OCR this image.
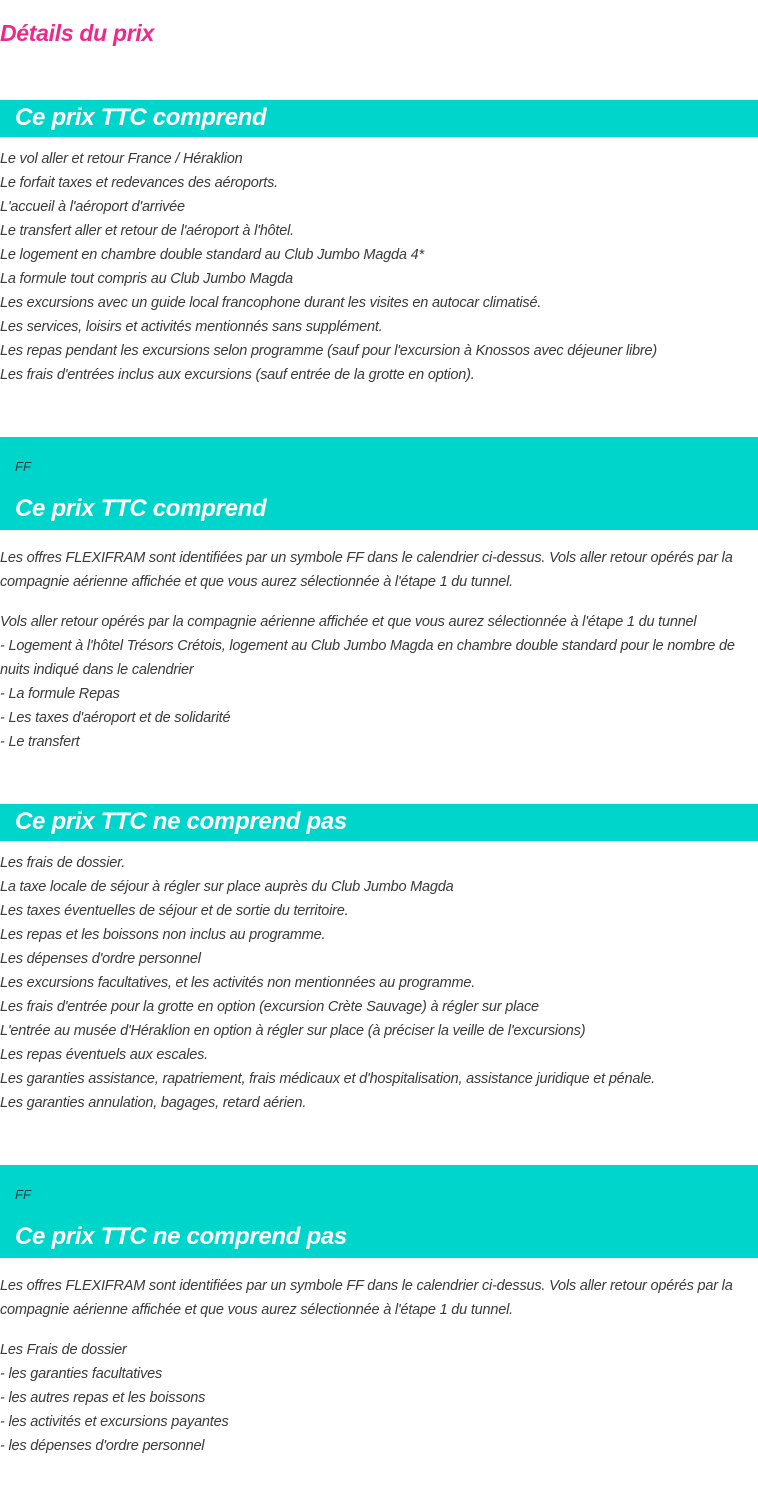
Détails du prix
Ce prix TTC comprend
Le vol aller et retour France / Héraklion
Le forfait taxes et redevances des aéroports.
L'accueil à l'aéroport d'arrivée
Le transfert aller et retour de l'aéroport à l'hôtel.
Le logement en chambre double standard au Club Jumbo Magda 4*
La formule tout compris au Club Jumbo Magda
Les excursions avec un guide local francophone durant les visites en autocar climatisé.
Les services, loisirs et activités mentionnés sans supplément.
Les repas pendant les excursions selon programme (sauf pour l'excursion à Knossos avec déjeuner libre)
Les frais d'entrées inclus aux excursions (sauf entrée de la grotte en option).
FF
Ce prix TTC comprend

Les offres FLEXIFRAM sont identifiées par un symbole FF dans le calendrier ci-dessus. Vols aller retour opérés par la compagnie aérienne affichée et que vous aurez sélectionnée à l'étape 1 du tunnel.

Vols aller retour opérés par la compagnie aérienne affichée et que vous aurez sélectionnée à l'étape 1 du tunnel
- Logement à l'hôtel Trésors Crétois, logement au Club Jumbo Magda en chambre double standard pour le nombre de nuits indiqué dans le calendrier
- La formule Repas
- Les taxes d'aéroport et de solidarité
- Le transfert
Ce prix TTC ne comprend pas
Les frais de dossier.
La taxe locale de séjour à régler sur place auprès du Club Jumbo Magda
Les taxes éventuelles de séjour et de sortie du territoire.
Les repas et les boissons non inclus au programme.
Les dépenses d'ordre personnel
Les excursions facultatives, et les activités non mentionnées au programme.
Les frais d'entrée pour la grotte en option (excursion Crète Sauvage) à régler sur place
L'entrée au musée d'Héraklion en option à régler sur place (à préciser la veille de l'excursions)
Les repas éventuels aux escales.
Les garanties assistance, rapatriement, frais médicaux et d'hospitalisation, assistance juridique et pénale.
Les garanties annulation, bagages, retard aérien.
FF
Ce prix TTC ne comprend pas

Les offres FLEXIFRAM sont identifiées par un symbole FF dans le calendrier ci-dessus. Vols aller retour opérés par la compagnie aérienne affichée et que vous aurez sélectionnée à l'étape 1 du tunnel.

Les Frais de dossier
- les garanties facultatives
- les autres repas et les boissons
- les activités et excursions payantes
- les dépenses d'ordre personnel
